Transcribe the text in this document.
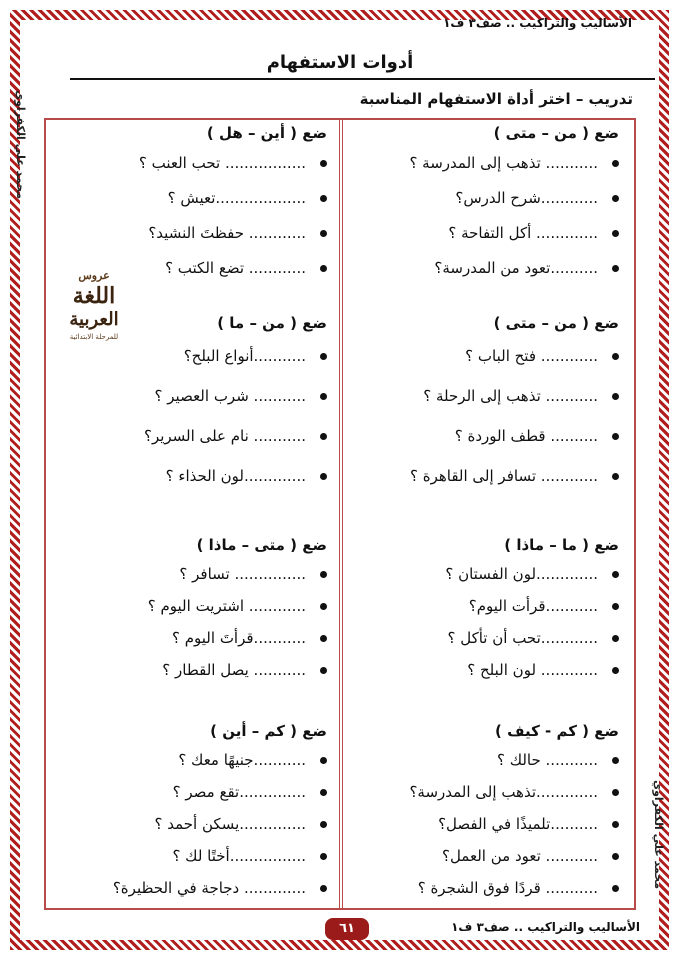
الأساليب والتراكيب .. صف٣ ف١
محمد علي الكفراوي
محمد علي الكفراوي
أدوات الاستفهام
تدريب – اختر أداة الاستفهام المناسبة
عروس
اللغة
العربية
للمرحلة الابتدائية
ضع ( من – متى )
........... تذهب إلى المدرسة ؟
............شرح الدرس؟
............. أكل التفاحة ؟
..........تعود من المدرسة؟
ضع ( أين – هل )
................. تحب العنب ؟
...................تعيش ؟
............ حفظتَ النشيد؟
............ تضع الكتب ؟
ضع ( من – متى )
............ فتح الباب ؟
........... تذهب إلى الرحلة ؟
.......... قطف الوردة ؟
............ تسافر إلى القاهرة ؟
ضع ( من – ما )
...........أنواع البلح؟
........... شرب العصير ؟
........... نام على السرير؟
.............لون الحذاء ؟
ضع ( ما – ماذا )
.............لون الفستان ؟
...........قرأت اليوم؟
............تحب أن تأكل ؟
............ لون البلح ؟
ضع ( متى – ماذا )
............... تسافر ؟
............ اشتريت اليوم ؟
...........قرأتَ اليوم ؟
........... يصل القطار ؟
ضع ( كم - كيف )
........... حالك ؟
.............تذهب إلى المدرسة؟
..........تلميذًا في الفصل؟
........... تعود من العمل؟
........... قردًا فوق الشجرة ؟
ضع ( كم – أين )
...........جنيهًا معك ؟
..............تقع مصر ؟
..............يسكن أحمد ؟
................أختًا لك ؟
............. دجاجة في الحظيرة؟
٦١	الأساليب والتراكيب .. صف٣ ف١
